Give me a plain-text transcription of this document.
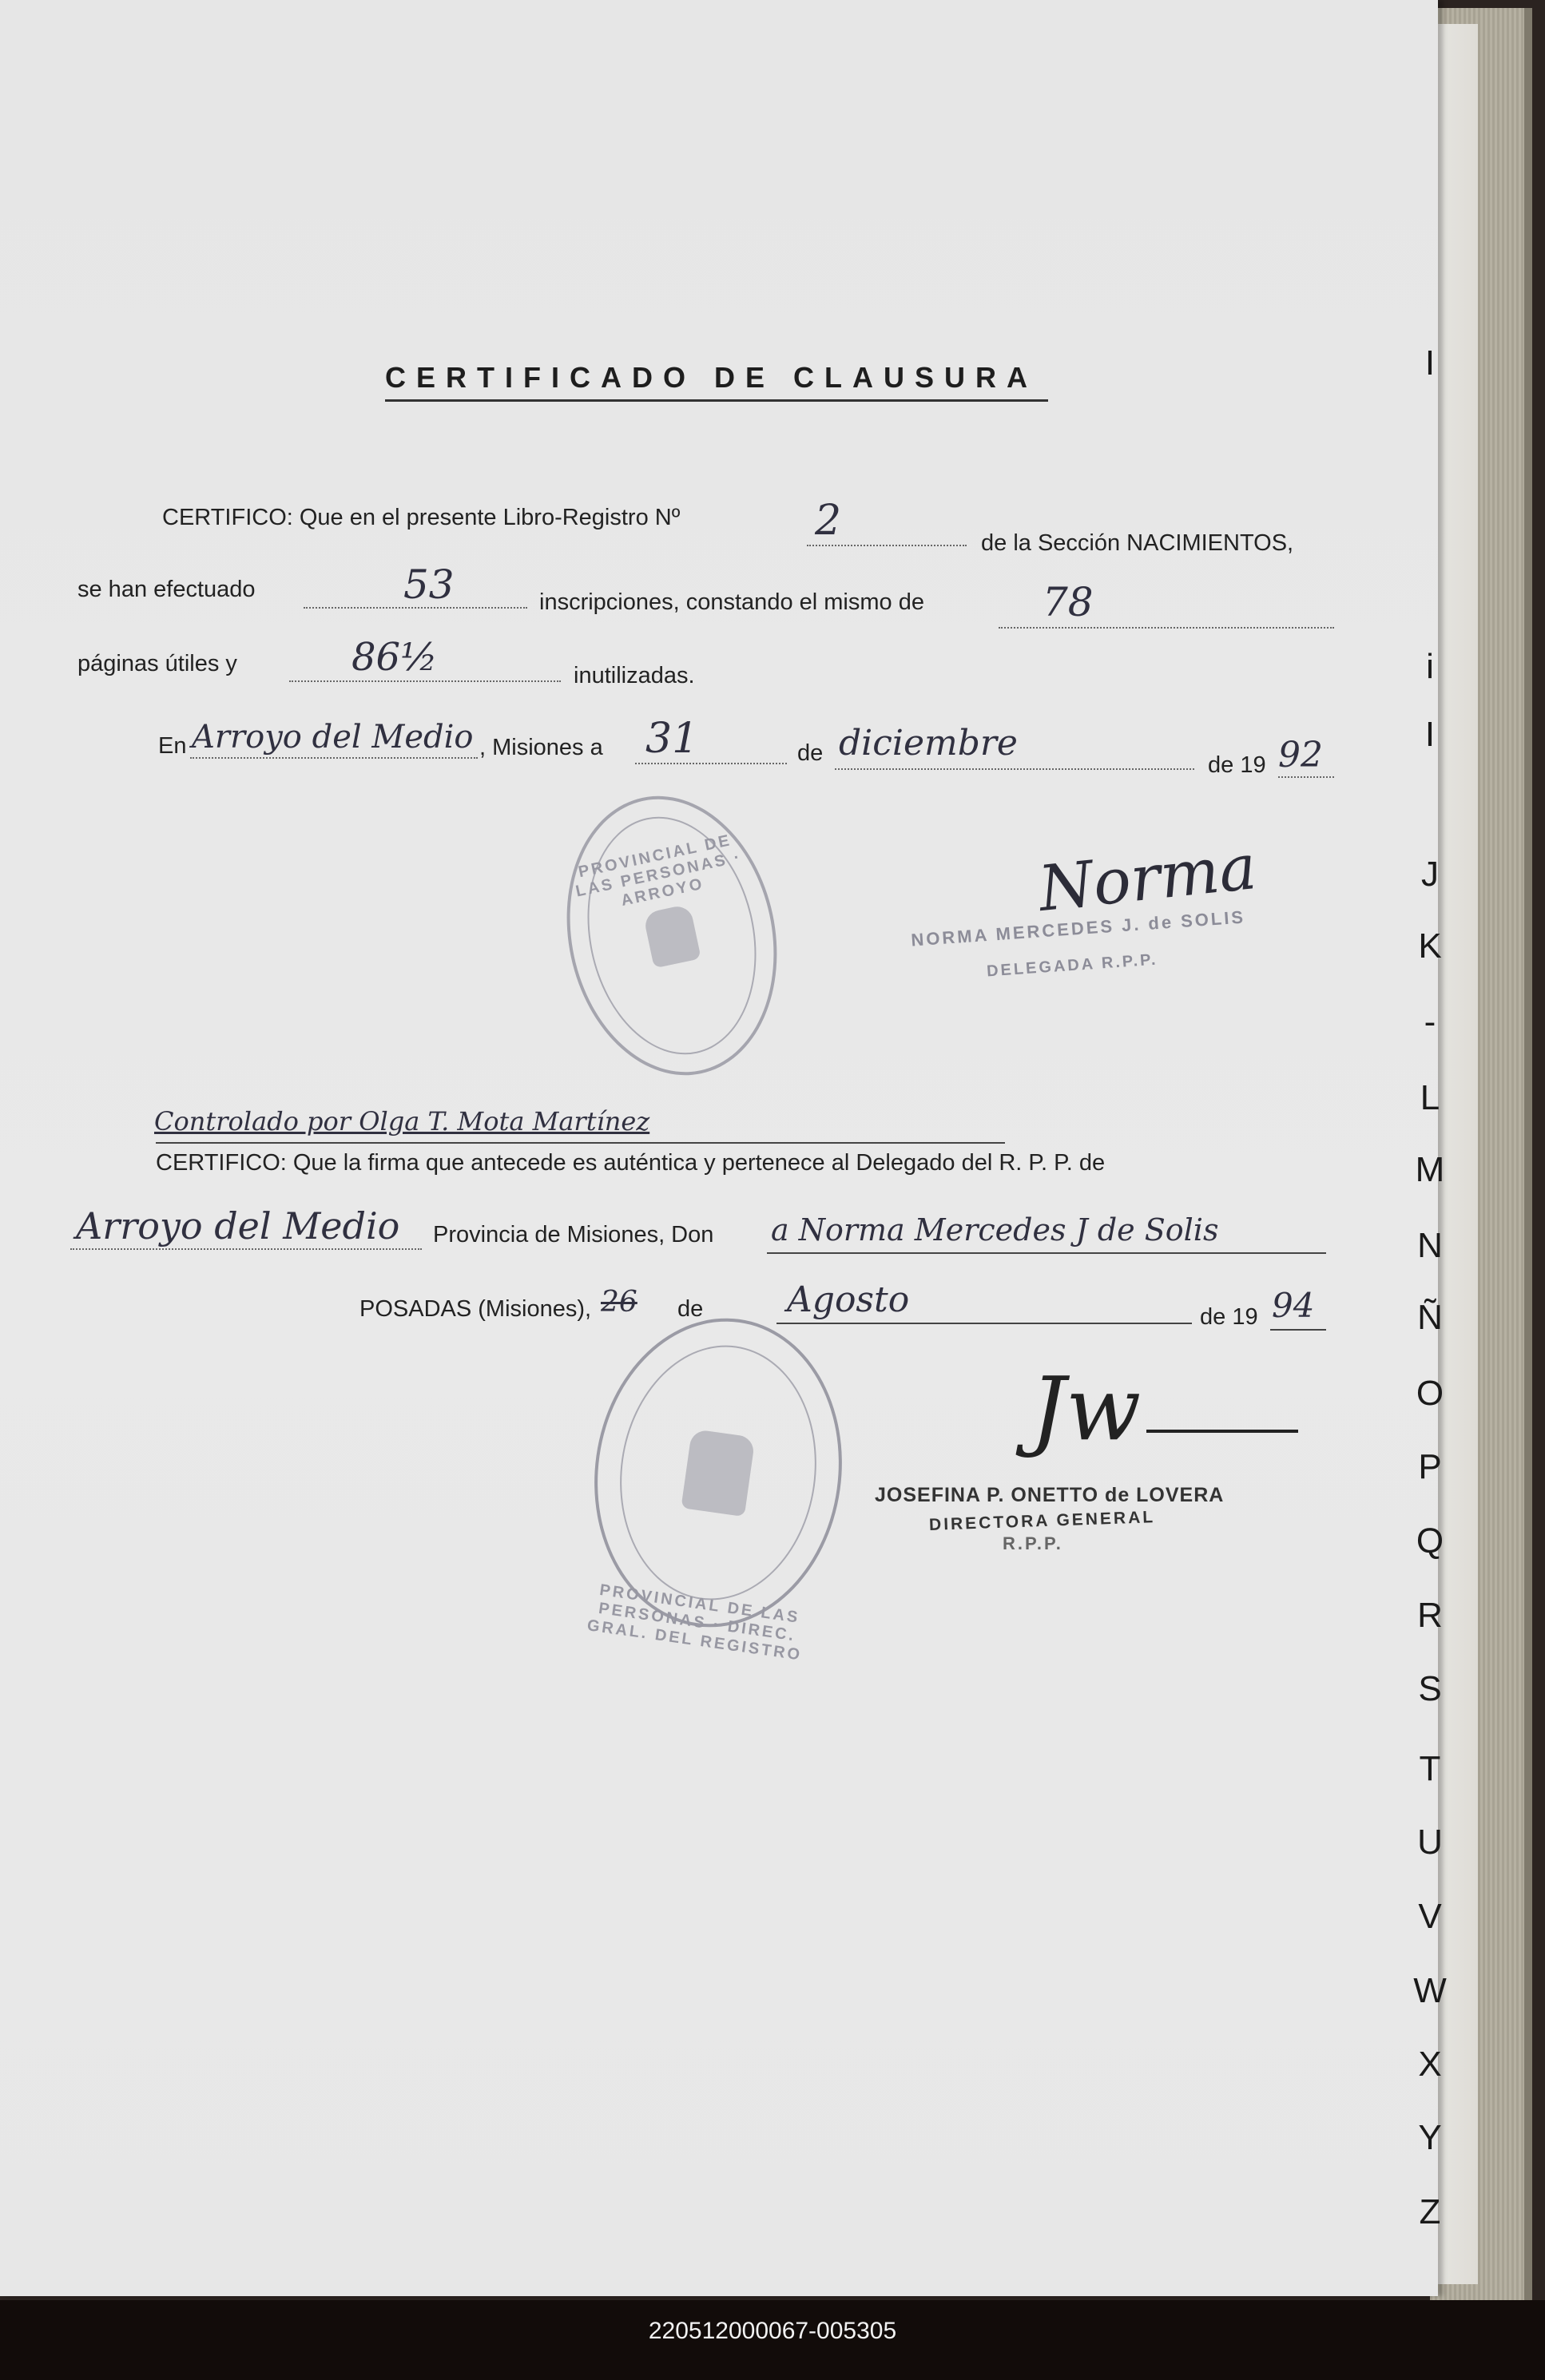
CERTIFICADO DE CLAUSURA
CERTIFICO: Que en el presente Libro-Registro Nº	2	de la Sección NACIMIENTOS,
se han efectuado	53	inscripciones, constando el mismo de	78
páginas útiles y	86½	inutilizadas.
En Arroyo del Medio , Misiones a 31	de diciembre
de 19 92
PROVINCIAL DE LAS PERSONAS · ARROYO	Norma
NORMA MERCEDES J. de SOLIS
DELEGADA R.P.P.
Controlado por Olga T. Mota Martínez
CERTIFICO: Que la firma que antecede es auténtica y pertenece al Delegado del R. P. P. de
Arroyo del Medio Provincia de Misiones, Don a Norma Mercedes J de Solis
POSADAS (Misiones), 26 de Agosto	de 19 94
PROVINCIAL DE LAS PERSONAS · DIREC. GRAL. DEL REGISTRO
Jw
JOSEFINA P. ONETTO de LOVERA
DIRECTORA GENERAL
R.P.P.
I
i
I
J
K
-
L
M
N
Ñ
O
P
Q
R
S
T
U
V
W
X
Y
Z
220512000067-005305
